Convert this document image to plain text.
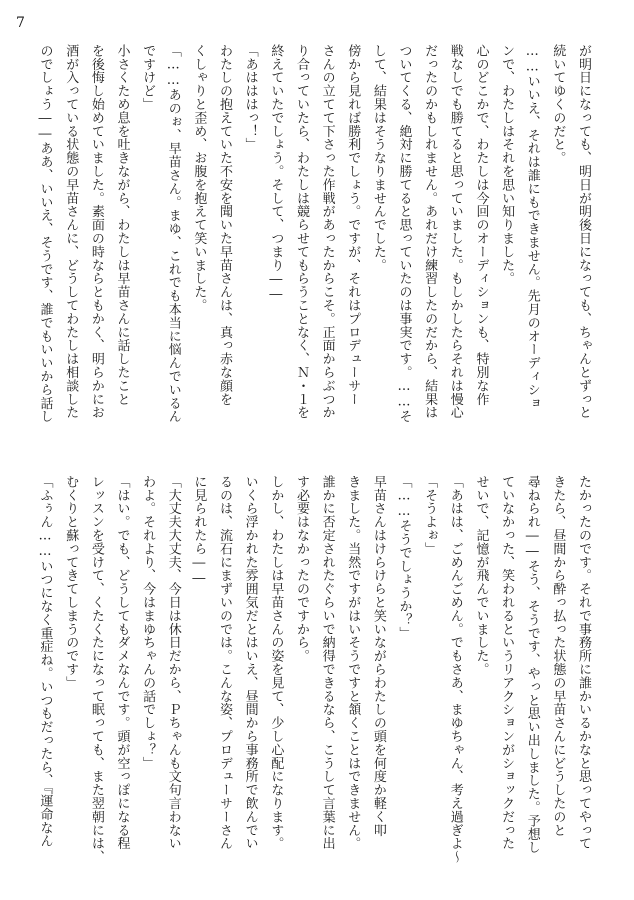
7
が明日になっても、明日が明後日になっても、ちゃんとずっと
続いてゆくのだと。
……いいえ、それは誰にもできません。先月のオーディショ
ンで、わたしはそれを思い知りました。
心のどこかで、わたしは今回のオーディションも、特別な作
戦なしでも勝てると思っていました。もしかしたらそれは慢心
だったのかもしれません。あれだけ練習したのだから、結果は
ついてくる、絶対に勝てると思っていたのは事実です。……そ
して、結果はそうなりませんでした。
傍から見れば勝利でしょう。ですが、それはプロデューサー
さんの立てて下さった作戦があったからこそ。正面からぶつか
り合っていたら、わたしは競らせてもらうことなく、Ｎ・１を
終えていたでしょう。そして、つまり――
「あはははっ！」
わたしの抱えていた不安を聞いた早苗さんは、真っ赤な顔を
くしゃりと歪め、お腹を抱えて笑いました。
「……あのぉ、早苗さん。まゆ、これでも本当に悩んでいるん
ですけど」
小さくため息を吐きながら、わたしは早苗さんに話したこと
を後悔し始めていました。素面の時ならともかく、明らかにお
酒が入っている状態の早苗さんに、どうしてわたしは相談した
のでしょう――ああ、いいえ、そうです、誰でもいいから話し
たかったのです。それで事務所に誰かいるかなと思ってやって
きたら、昼間から酔っ払った状態の早苗さんにどうしたのと
尋ねられ――そう、そうです、やっと思い出しました。予想し
ていなかった、笑われるというリアクションがショックだった
せいで、記憶が飛んでいました。
「あはは、ごめんごめん。でもさあ、まゆちゃん、考え過ぎよ～
「そうよぉ」
「……そうでしょうか？」
早苗さんはけらけらと笑いながらわたしの頭を何度か軽く叩
きました。当然ですがはいそうですと頷くことはできません。
誰かに否定されたぐらいで納得できるなら、こうして言葉に出
す必要はなかったのですから。
しかし、わたしは早苗さんの姿を見て、少し心配になります。
いくら浮かれた雰囲気だとはいえ、昼間から事務所で飲んでい
るのは、流石にまずいのでは。こんな姿、プロデューサーさん
に見られたら――
「大丈夫大丈夫、今日は休日だから、Ｐちゃんも文句言わない
わよ。それより、今はまゆちゃんの話でしょ？」
「はい。でも、どうしてもダメなんです。頭が空っぽになる程
レッスンを受けて、くたくたになって眠っても、また翌朝には、
むくりと蘇ってきてしまうのです」
「ふぅん……いつになく重症ね。いつもだったら、『運命なん
